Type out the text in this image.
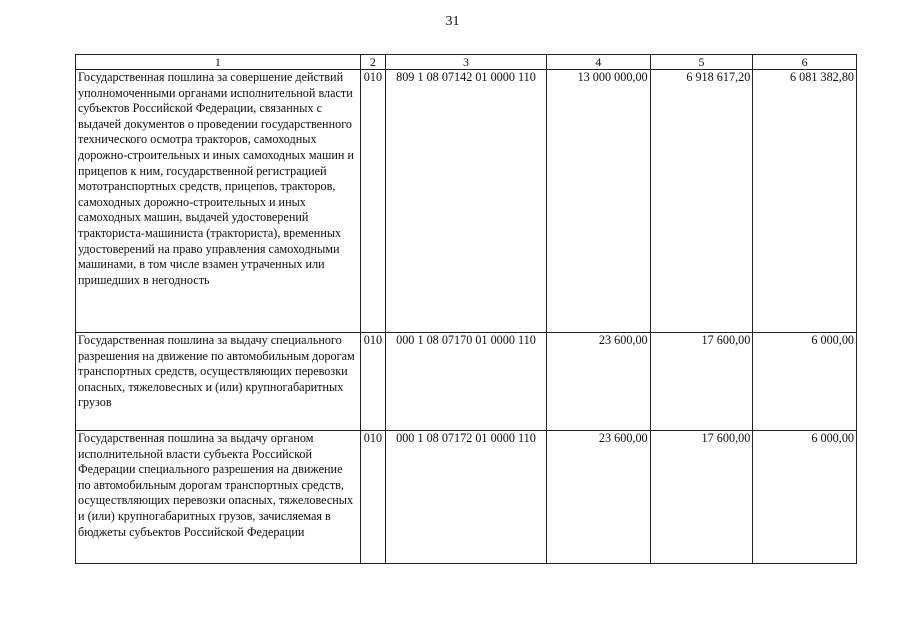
31
1	2	3	4	5	6
Государственная пошлина за совершение действий уполномоченными органами исполнительной власти субъектов Российской Федерации, связанных с выдачей документов о проведении государственного технического осмотра тракторов, самоходных дорожно-строительных и иных самоходных машин и прицепов к ним, государственной регистрацией мототранспортных средств, прицепов, тракторов, самоходных дорожно-строительных и иных самоходных машин, выдачей удостоверений тракториста-машиниста (тракториста), временных удостоверений на право управления самоходными машинами, в том числе взамен утраченных или пришедших в негодность	010	809 1 08 07142 01 0000 110	13 000 000,00	6 918 617,20	6 081 382,80
Государственная пошлина за выдачу специального разрешения на движение по автомобильным дорогам транспортных средств, осуществляющих перевозки опасных, тяжеловесных и (или) крупногабаритных грузов	010	000 1 08 07170 01 0000 110	23 600,00	17 600,00	6 000,00
Государственная пошлина за выдачу органом исполнительной власти субъекта Российской Федерации специального разрешения на движение по автомобильным дорогам транспортных средств, осуществляющих перевозки опасных, тяжеловесных и (или) крупногабаритных грузов, зачисляемая в бюджеты субъектов Российской Федерации	010	000 1 08 07172 01 0000 110	23 600,00	17 600,00	6 000,00
